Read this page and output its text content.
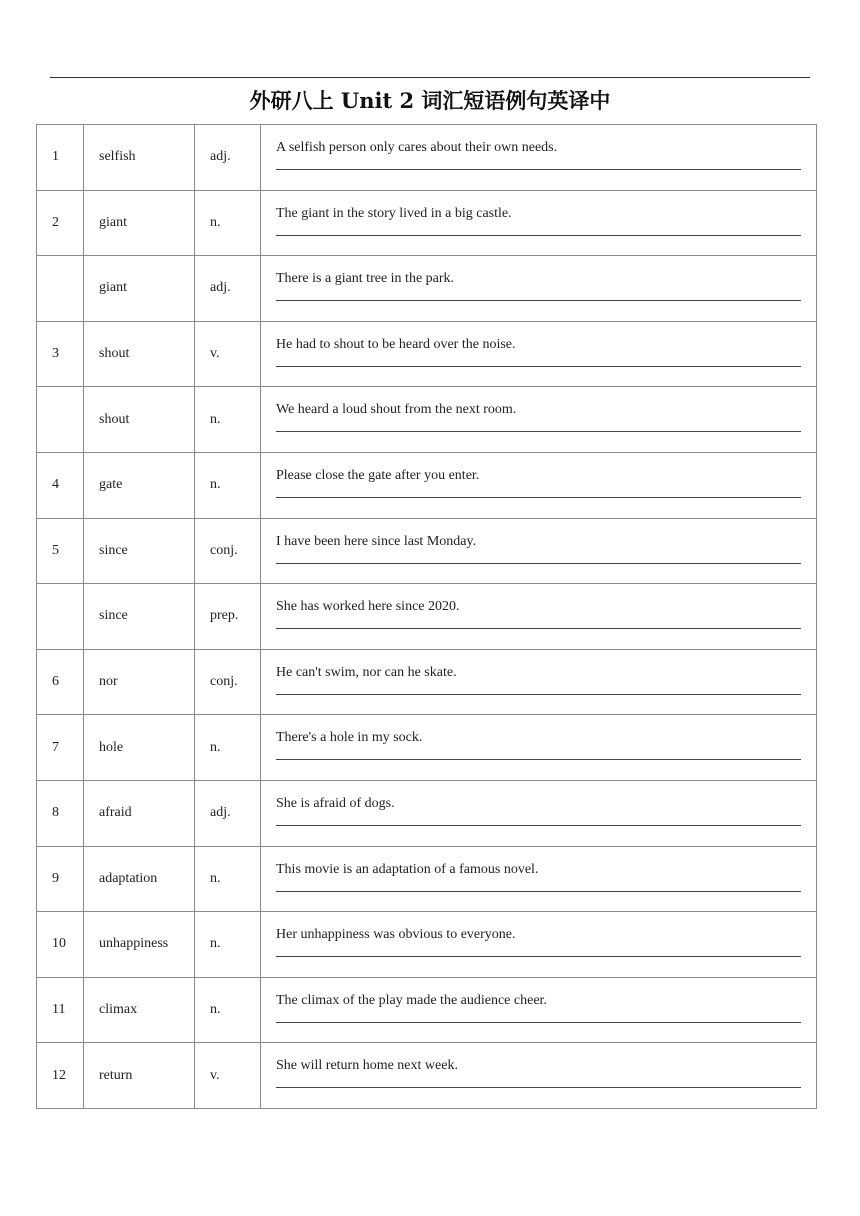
外研八上 Unit 2 词汇短语例句英译中
1	selfish	adj.	A selfish person only cares about their own needs.

2	giant	n.	The giant in the story lived in a big castle.

	giant	adj.	There is a giant tree in the park.

3	shout	v.	He had to shout to be heard over the noise.

	shout	n.	We heard a loud shout from the next room.

4	gate	n.	Please close the gate after you enter.

5	since	conj.	I have been here since last Monday.

	since	prep.	She has worked here since 2020.

6	nor	conj.	He can't swim, nor can he skate.

7	hole	n.	There's a hole in my sock.

8	afraid	adj.	She is afraid of dogs.

9	adaptation	n.	This movie is an adaptation of a famous novel.

10	unhappiness	n.	Her unhappiness was obvious to everyone.

11	climax	n.	The climax of the play made the audience cheer.

12	return	v.	She will return home next week.
